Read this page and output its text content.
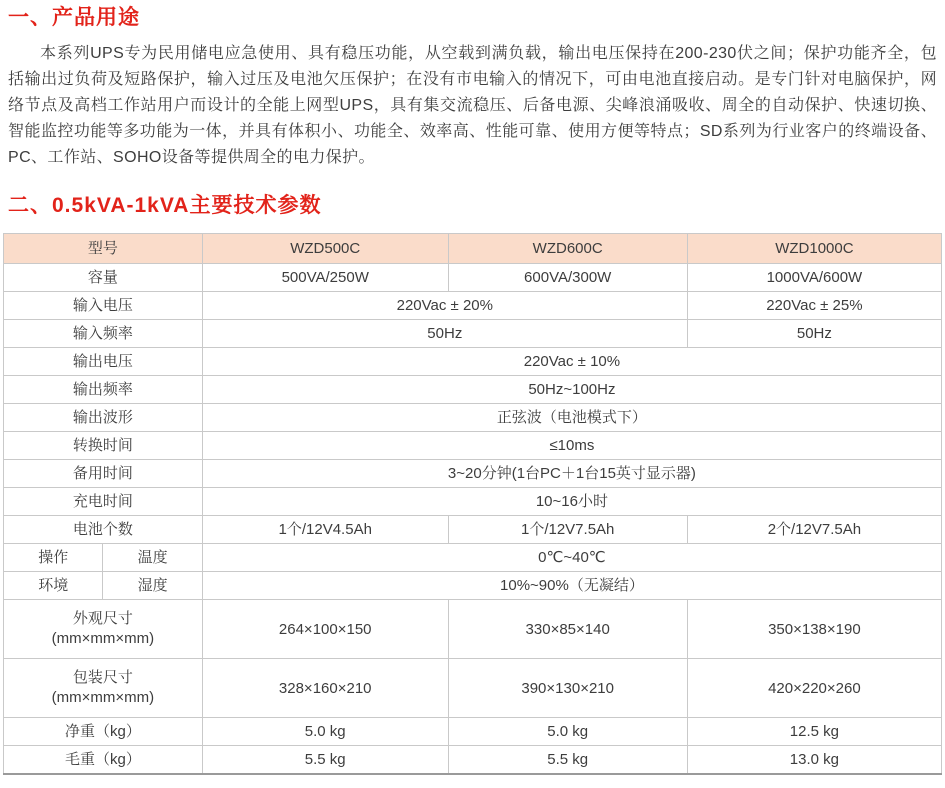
一、产品用途

本系列UPS专为民用储电应急使用、具有稳压功能，从空载到满负载，输出电压保持在200-230伏之间；保护功能齐全，包括输出过负荷及短路保护，输入过压及电池欠压保护；在没有市电输入的情况下，可由电池直接启动。是专门针对电脑保护，网络节点及高档工作站用户而设计的全能上网型UPS，具有集交流稳压、后备电源、尖峰浪涌吸收、周全的自动保护、快速切换、智能监控功能等多功能为一体，并具有体积小、功能全、效率高、性能可靠、使用方便等特点；SD系列为行业客户的终端设备、PC、工作站、SOHO设备等提供周全的电力保护。

二、0.5kVA-1kVA主要技术参数
型号		WZD500C	WZD600C	WZD1000C
容量		500VA/250W	600VA/300W	1000VA/600W
输入电压		220Vac ± 20%		220Vac ± 25%
输入频率		50Hz		50Hz
输出电压		220Vac ± 10%		
输出频率		50Hz~100Hz		
输出波形		正弦波（电池模式下）		
转换时间		≤10ms		
备用时间		3~20分钟(1台PC＋1台15英寸显示器)		
充电时间		10~16小时		
电池个数		1个/12V4.5Ah	1个/12V7.5Ah	2个/12V7.5Ah
操作	温度	0℃~40℃		
环境	湿度	10%~90%（无凝结）		

外观尺寸
(mm×mm×mm)		264×100×150	330×85×140	350×138×190

包装尺寸
(mm×mm×mm)		328×160×210	390×130×210	420×220×260
净重（kg）		5.0 kg	5.0 kg	12.5 kg
毛重（kg）		5.5 kg	5.5 kg	13.0 kg
